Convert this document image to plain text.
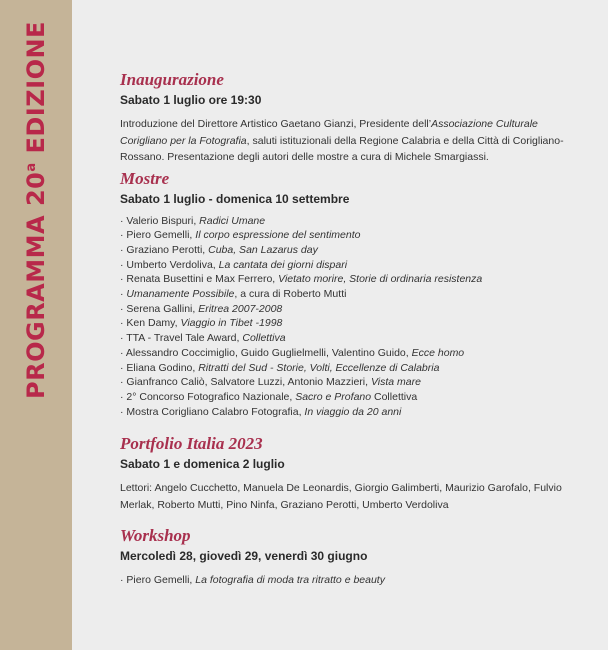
PROGRAMMA 20$^a$ EDIZIONE	Inaugurazione

Sabato 1 luglio ore 19:30

Introduzione del Direttore Artistico Gaetano Gianzi, Presidente dell’Associazione Culturale Corigliano per la Fotografia, saluti istituzionali della Regione Calabria e della Città di Corigliano-Rossano. Presentazione degli autori delle mostre a cura di Michele Smargiassi.

Mostre

Sabato 1 luglio - domenica 10 settembre

· Valerio Bispuri, Radici Umane
· Piero Gemelli, Il corpo espressione del sentimento
· Graziano Perotti, Cuba, San Lazarus day
· Umberto Verdoliva, La cantata dei giorni dispari
· Renata Busettini e Max Ferrero, Vietato morire, Storie di ordinaria resistenza
· Umanamente Possibile, a cura di Roberto Mutti
· Serena Gallini, Eritrea 2007-2008
· Ken Damy, Viaggio in Tibet -1998
· TTA - Travel Tale Award, Collettiva
· Alessandro Coccimiglio, Guido Guglielmelli, Valentino Guido, Ecce homo
· Eliana Godino, Ritratti del Sud - Storie, Volti, Eccellenze di Calabria
· Gianfranco Caliò, Salvatore Luzzi, Antonio Mazzieri, Vista mare
· 2° Concorso Fotografico Nazionale, Sacro e Profano Collettiva
· Mostra Corigliano Calabro Fotografia, In viaggio da 20 anni
Portfolio Italia 2023

Sabato 1 e domenica 2 luglio

Lettori: Angelo Cucchetto, Manuela De Leonardis, Giorgio Galimberti, Maurizio Garofalo, Fulvio Merlak, Roberto Mutti, Pino Ninfa, Graziano Perotti, Umberto Verdoliva

Workshop

Mercoledì 28, giovedì 29, venerdì 30 giugno

· Piero Gemelli, La fotografia di moda tra ritratto e beauty
